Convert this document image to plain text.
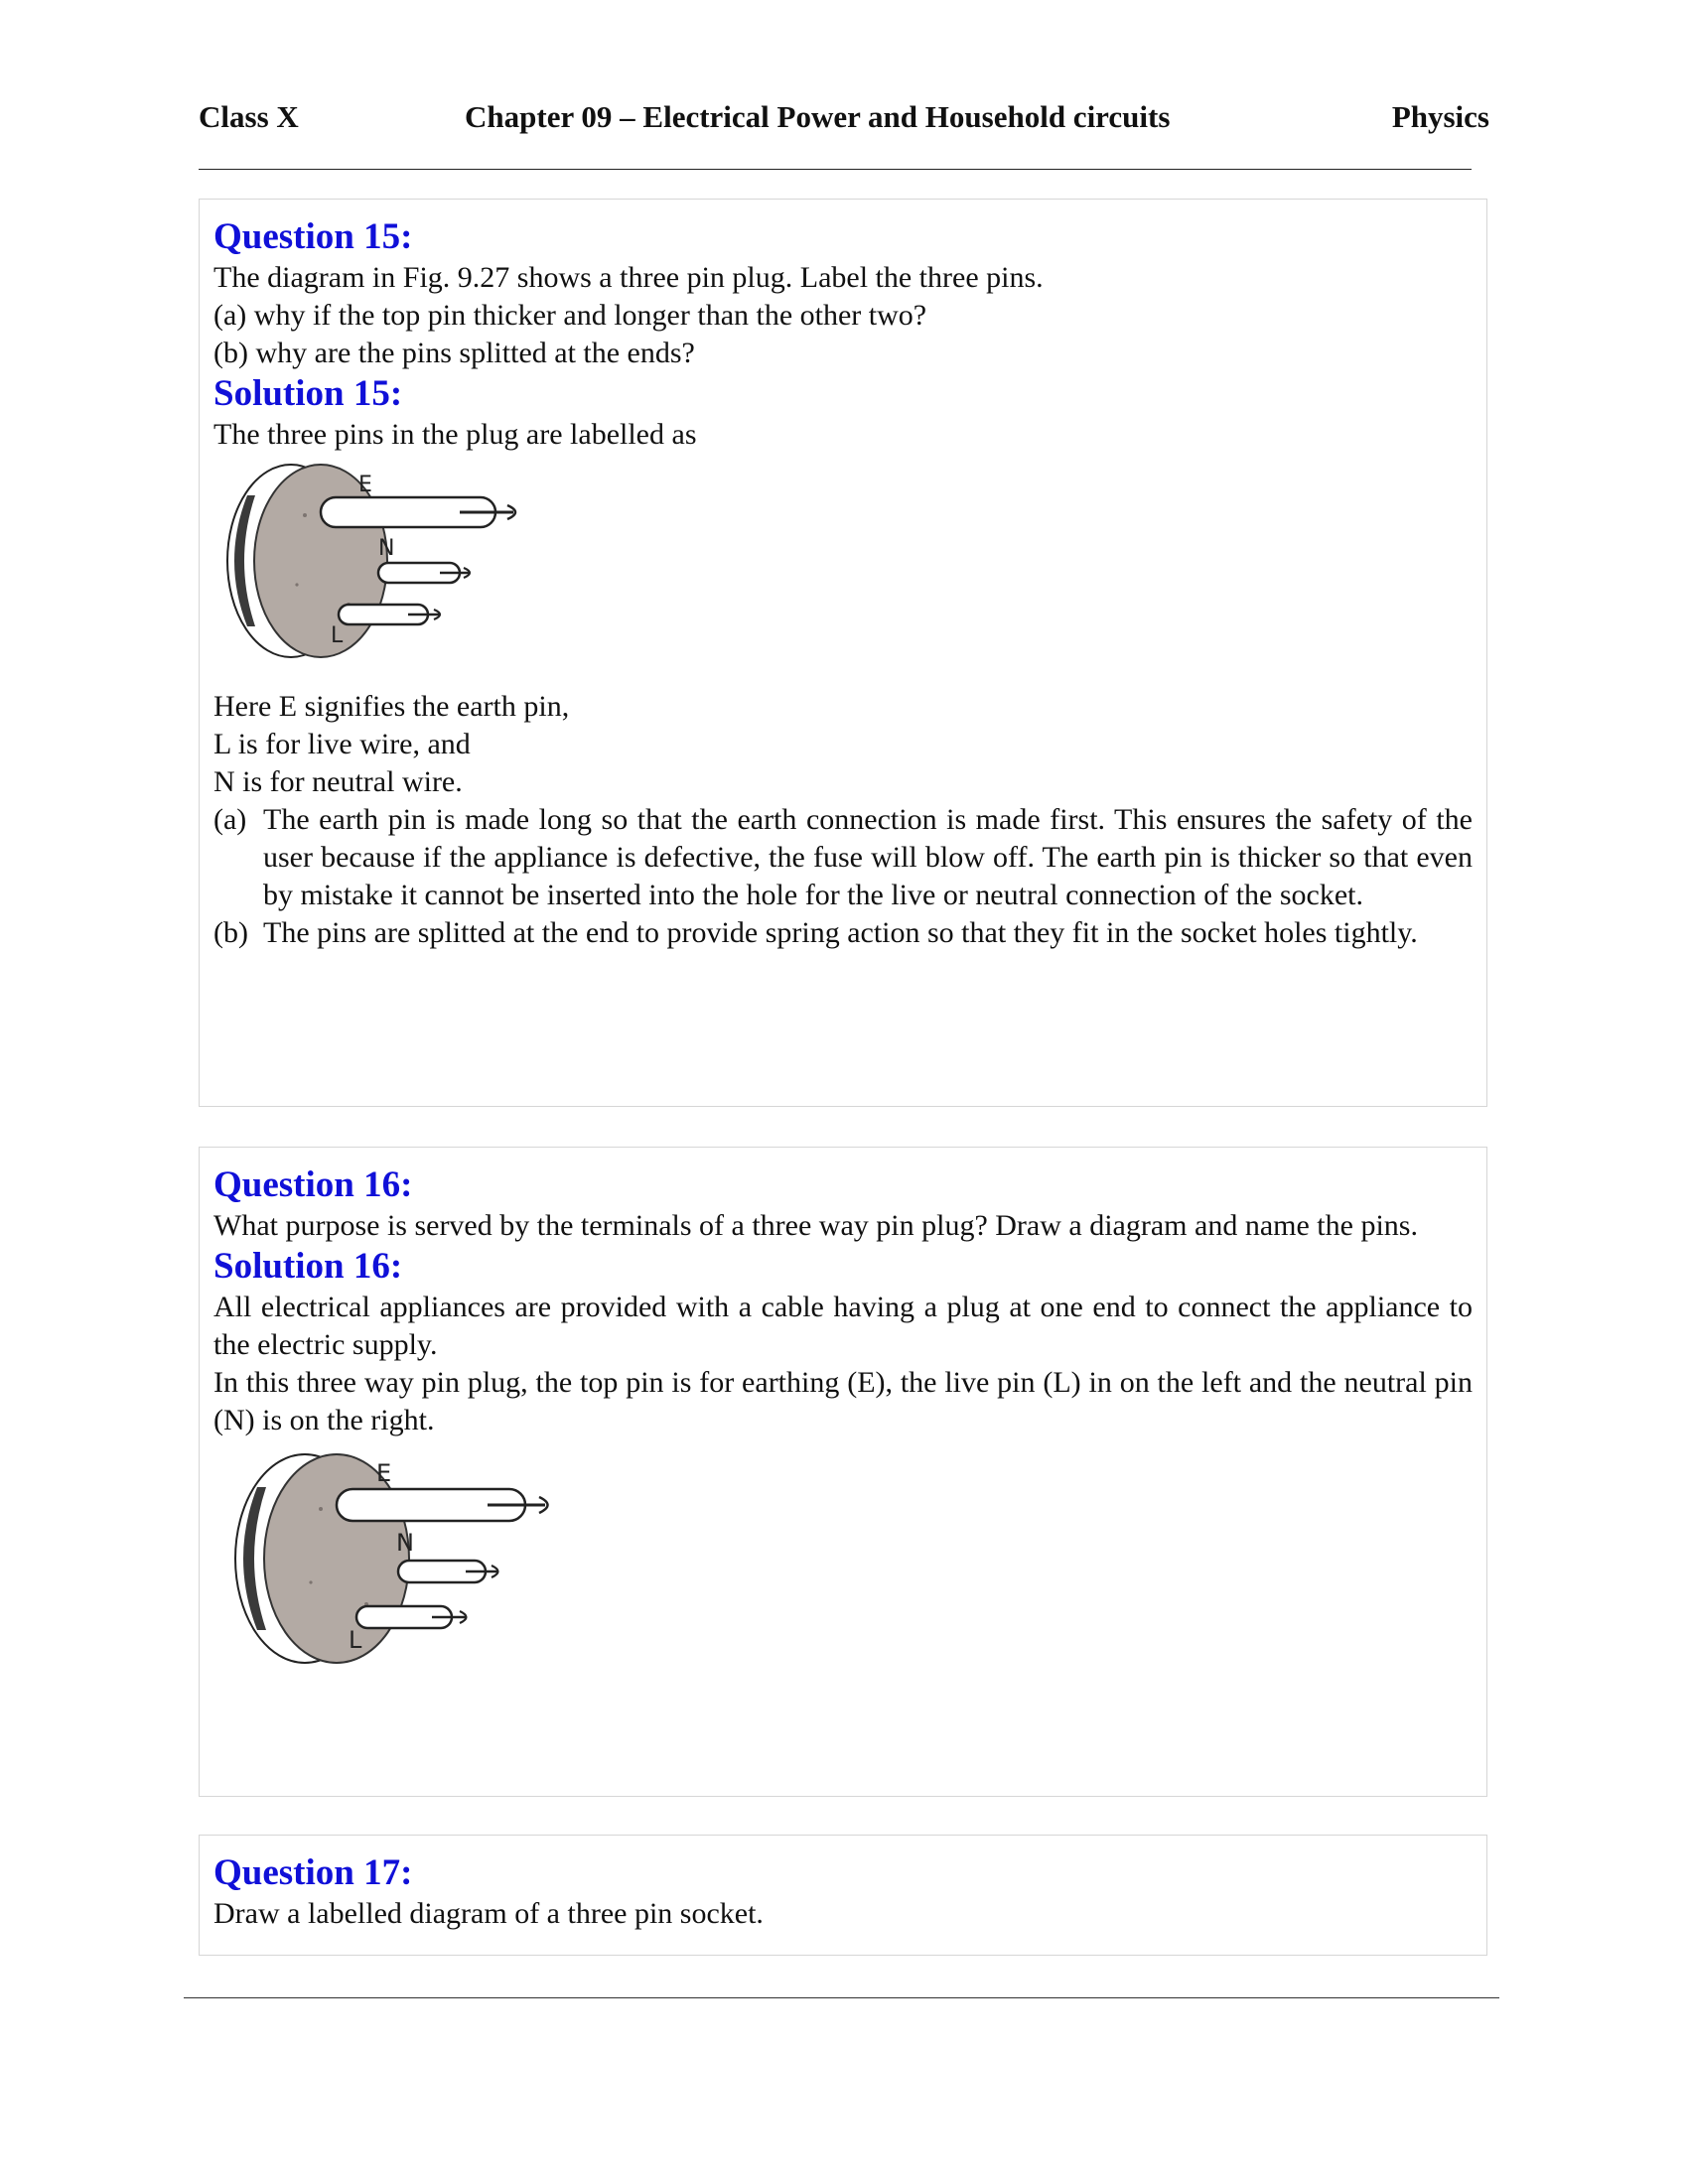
Class X	Chapter 09 – Electrical Power and Household circuits	Physics
Question 15:
The diagram in Fig. 9.27 shows a three pin plug. Label the three pins.
(a) why if the top pin thicker and longer than the other two?
(b) why are the pins splitted at the ends?
Solution 15:
The three pins in the plug are labelled as
E
N
L
Here E signifies the earth pin,
L is for live wire, and
N is for neutral wire.
(a) The earth pin is made long so that the earth connection is made first. This ensures the safety of the user because if the appliance is defective, the fuse will blow off. The earth pin is thicker so that even by mistake it cannot be inserted into the hole for the live or neutral connection of the socket.
(b) The pins are splitted at the end to provide spring action so that they fit in the socket holes tightly.
Question 16:
What purpose is served by the terminals of a three way pin plug? Draw a diagram and name the pins.
Solution 16:
All electrical appliances are provided with a cable having a plug at one end to connect the appliance to the electric supply.
In this three way pin plug, the top pin is for earthing (E), the live pin (L) in on the left and the neutral pin (N) is on the right.
E
N
L
Question 17:
Draw a labelled diagram of a three pin socket.
